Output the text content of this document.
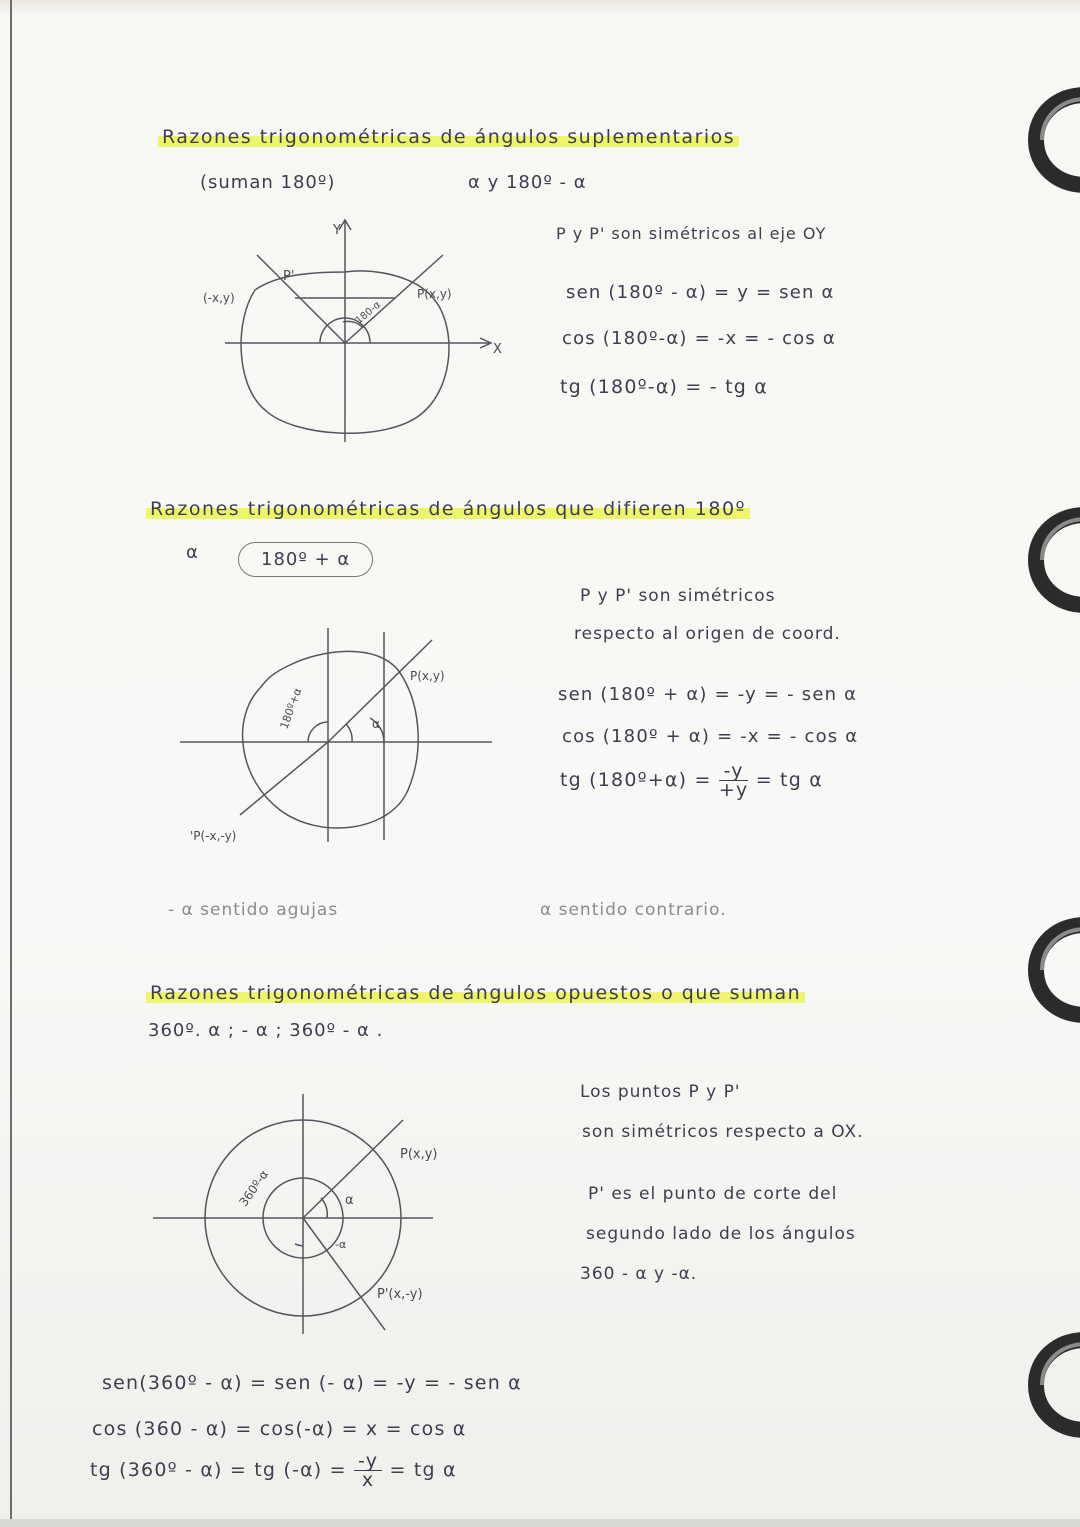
Razones trigonométricas de ángulos suplementarios
(suman 180º)	α y 180º - α
Y
X
P'
(-x,y)	P(x,y)
180-α
P y P' son simétricos al eje OY
sen (180º - α) = y = sen α
cos (180º-α) = -x = - cos α
tg (180º-α) = - tg α
Razones trigonométricas de ángulos que difieren 180º
α	180º + α
P(x,y)
'P(-x,-y)
180º+α	α
P y P' son simétricos
respecto al origen de coord.
sen (180º + α) = -y = - sen α
cos (180º + α) = -x = - cos α
tg (180º+α) = $\frac{-y}{+y}$ = tg α
- α sentido agujas	α sentido contrario.
Razones trigonométricas de ángulos opuestos o que suman
360º. α ; - α ; 360º - α .
P(x,y)
P'(x,-y)
360º-α	α
-α
Los puntos P y P'
son simétricos respecto a OX.
P' es el punto de corte del
segundo lado de los ángulos
360 - α y -α.
sen(360º - α) = sen (- α) = -y = - sen α
cos (360 - α) = cos(-α) = x = cos α
tg (360º - α) = tg $(-\alpha) = \frac{-y}{x}$ = tg α
